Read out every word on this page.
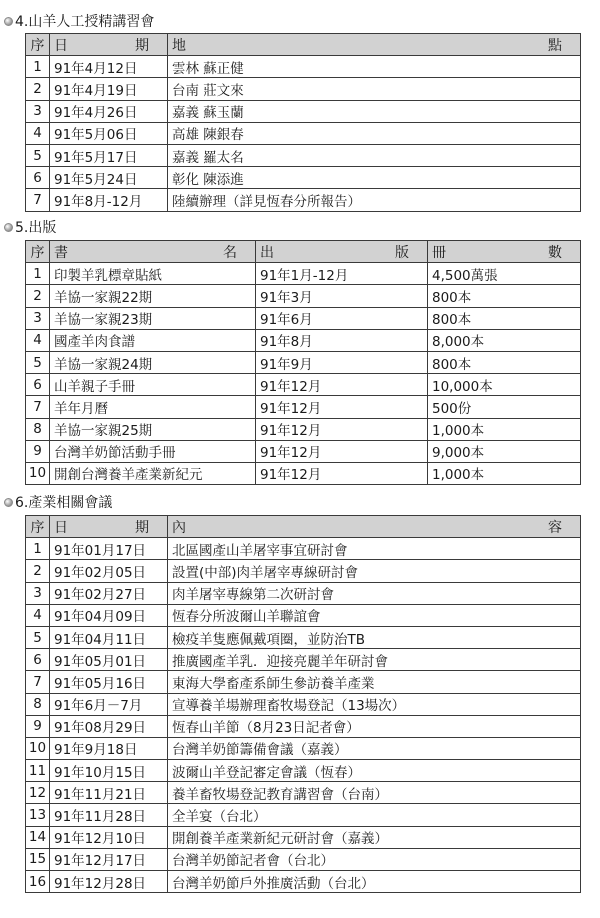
4.山羊人工授精講習會
序	日 期	地 點

1	91年4月12日	雲林 蘇正健
2	91年4月19日	台南 莊文來
3	91年4月26日	嘉義 蘇玉蘭
4	91年5月06日	高雄 陳銀春
5	91年5月17日	嘉義 羅太名
6	91年5月24日	彰化 陳添進
7	91年8月-12月	陸續辦理（詳見恆春分所報告）
5.出版
序	書 名	出 版	冊 數

1	印製羊乳標章貼紙	91年1月-12月	4,500萬張
2	羊協一家親22期	91年3月	800本
3	羊協一家親23期	91年6月	800本
4	國產羊肉食譜	91年8月	8,000本
5	羊協一家親24期	91年9月	800本
6	山羊親子手冊	91年12月	10,000本
7	羊年月曆	91年12月	500份
8	羊協一家親25期	91年12月	1,000本
9	台灣羊奶節活動手冊	91年12月	9,000本
10	開創台灣養羊產業新紀元	91年12月	1,000本
6.產業相關會議
序	日 期	內 容

1	91年01月17日	北區國產山羊屠宰事宜研討會
2	91年02月05日	設置(中部)肉羊屠宰專線研討會
3	91年02月27日	肉羊屠宰專線第二次研討會
4	91年04月09日	恆春分所波爾山羊聯誼會
5	91年04月11日	檢疫羊隻應佩戴項圈，並防治TB
6	91年05月01日	推廣國產羊乳．迎接亮麗羊年研討會
7	91年05月16日	東海大學畜產系師生參訪養羊產業
8	91年6月－7月	宣導養羊場辦理畜牧場登記（13場次）
9	91年08月29日	恆春山羊節（8月23日記者會）
10	91年9月18日	台灣羊奶節籌備會議（嘉義）
11	91年10月15日	波爾山羊登記審定會議（恆春）
12	91年11月21日	養羊畜牧場登記教育講習會（台南）
13	91年11月28日	全羊宴（台北）
14	91年12月10日	開創養羊產業新紀元研討會（嘉義）
15	91年12月17日	台灣羊奶節記者會（台北）
16	91年12月28日	台灣羊奶節戶外推廣活動（台北）
